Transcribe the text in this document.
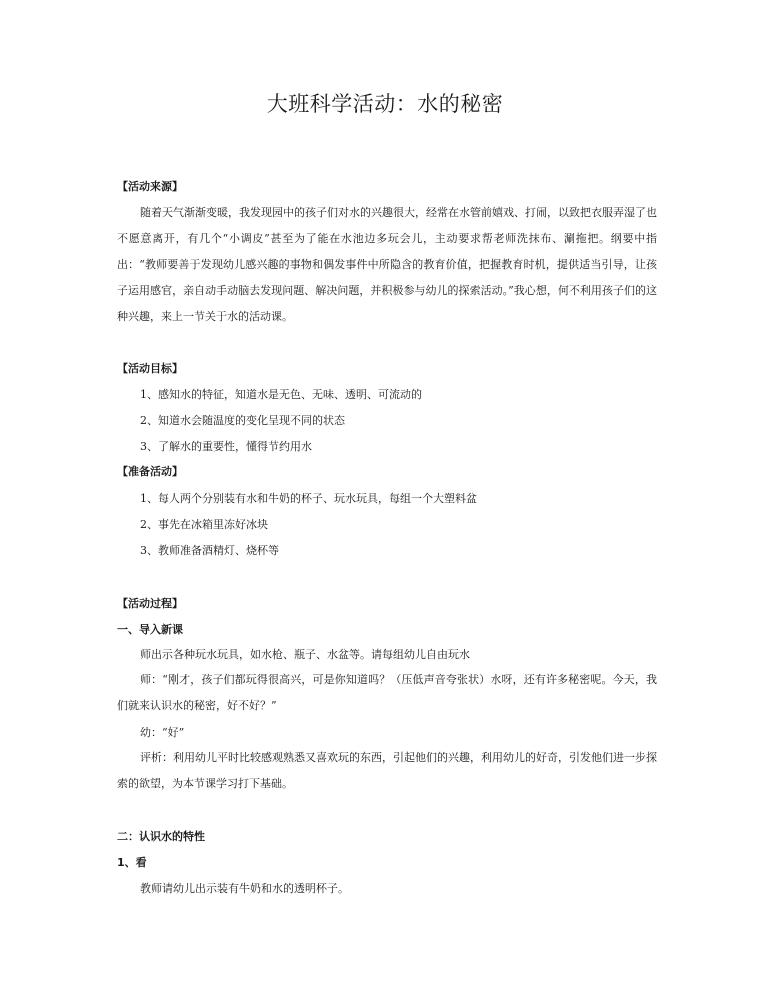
大班科学活动：水的秘密
【活动来源】

随着天气渐渐变暖，我发现园中的孩子们对水的兴趣很大，经常在水管前嬉戏、打闹，以致把衣服弄湿了也不愿意离开，有几个“小调皮”甚至为了能在水池边多玩会儿，主动要求帮老师洗抹布、涮拖把。纲要中指出：“教师要善于发现幼儿感兴趣的事物和偶发事件中所隐含的教育价值，把握教育时机，提供适当引导，让孩子运用感官，亲自动手动脑去发现问题、解决问题，并积极参与幼儿的探索活动。”我心想，何不利用孩子们的这种兴趣，来上一节关于水的活动课。

【活动目标】
1、感知水的特征，知道水是无色、无味、透明、可流动的
2、知道水会随温度的变化呈现不同的状态
3、了解水的重要性，懂得节约用水
【准备活动】
1、每人两个分别装有水和牛奶的杯子、玩水玩具，每组一个大塑料盆
2、事先在冰箱里冻好冰块
3、教师准备酒精灯、烧杯等
【活动过程】
一、导入新课
师出示各种玩水玩具，如水枪、瓶子、水盆等。请每组幼儿自由玩水

师：“刚才，孩子们都玩得很高兴，可是你知道吗？（压低声音夸张状）水呀，还有许多秘密呢。今天，我们就来认识水的秘密，好不好？”

幼：“好”

评析：利用幼儿平时比较感观熟悉又喜欢玩的东西，引起他们的兴趣，利用幼儿的好奇，引发他们进一步探索的欲望，为本节课学习打下基础。

二：认识水的特性
1、看
教师请幼儿出示装有牛奶和水的透明杯子。
